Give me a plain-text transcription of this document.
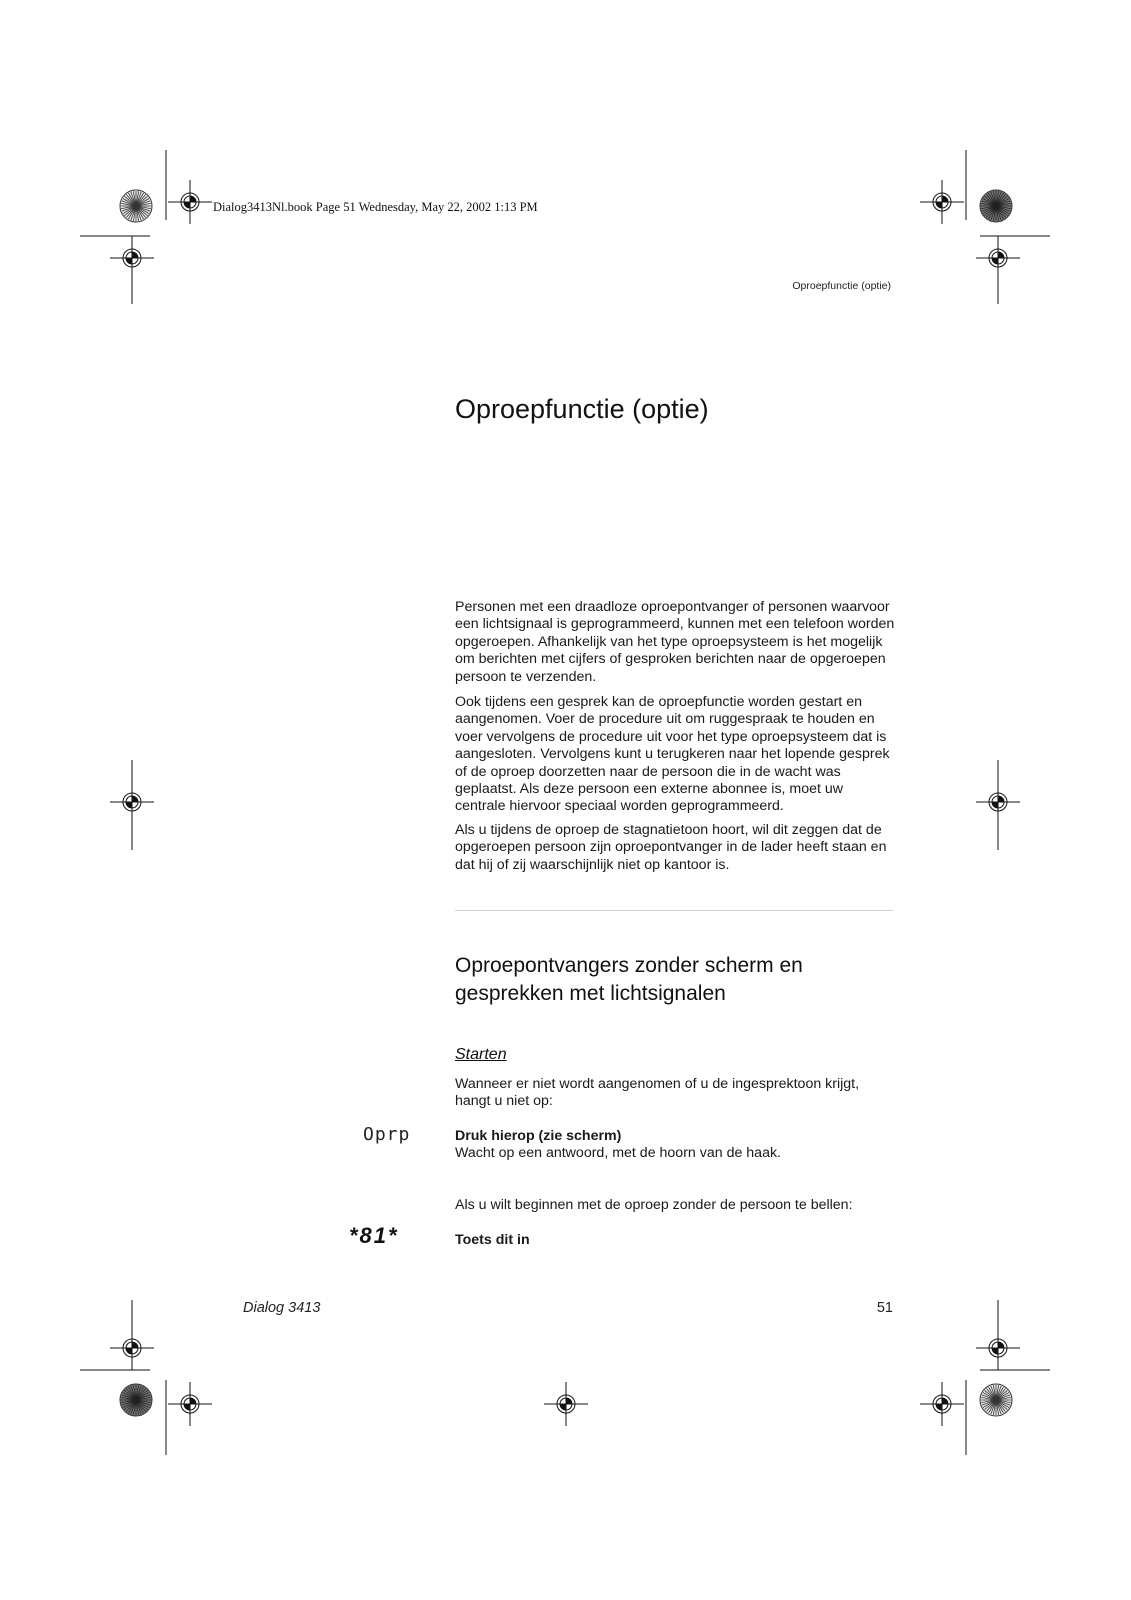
Dialog3413Nl.book Page 51 Wednesday, May 22, 2002 1:13 PM
Oproepfunctie (optie)
Oproepfunctie (optie)

Personen met een draadloze oproepontvanger of personen waarvoor een lichtsignaal is geprogrammeerd, kunnen met een telefoon worden opgeroepen. Afhankelijk van het type oproepsysteem is het mogelijk om berichten met cijfers of gesproken berichten naar de opgeroepen persoon te verzenden.

Ook tijdens een gesprek kan de oproepfunctie worden gestart en aangenomen. Voer de procedure uit om ruggespraak te houden en voer vervolgens de procedure uit voor het type oproepsysteem dat is aangesloten. Vervolgens kunt u terugkeren naar het lopende gesprek of de oproep doorzetten naar de persoon die in de wacht was geplaatst. Als deze persoon een externe abonnee is, moet uw centrale hiervoor speciaal worden geprogrammeerd.

Als u tijdens de oproep de stagnatietoon hoort, wil dit zeggen dat de opgeroepen persoon zijn oproepontvanger in de lader heeft staan en dat hij of zij waarschijnlijk niet op kantoor is.

Oproepontvangers zonder scherm en gesprekken met lichtsignalen
Starten
Wanneer er niet wordt aangenomen of u de ingesprektoon krijgt, hangt u niet op:
Oprp	Druk hierop (zie scherm)
Wacht op een antwoord, met de hoorn van de haak.
Als u wilt beginnen met de oproep zonder de persoon te bellen:
*81*	Toets dit in
Dialog 3413	51
